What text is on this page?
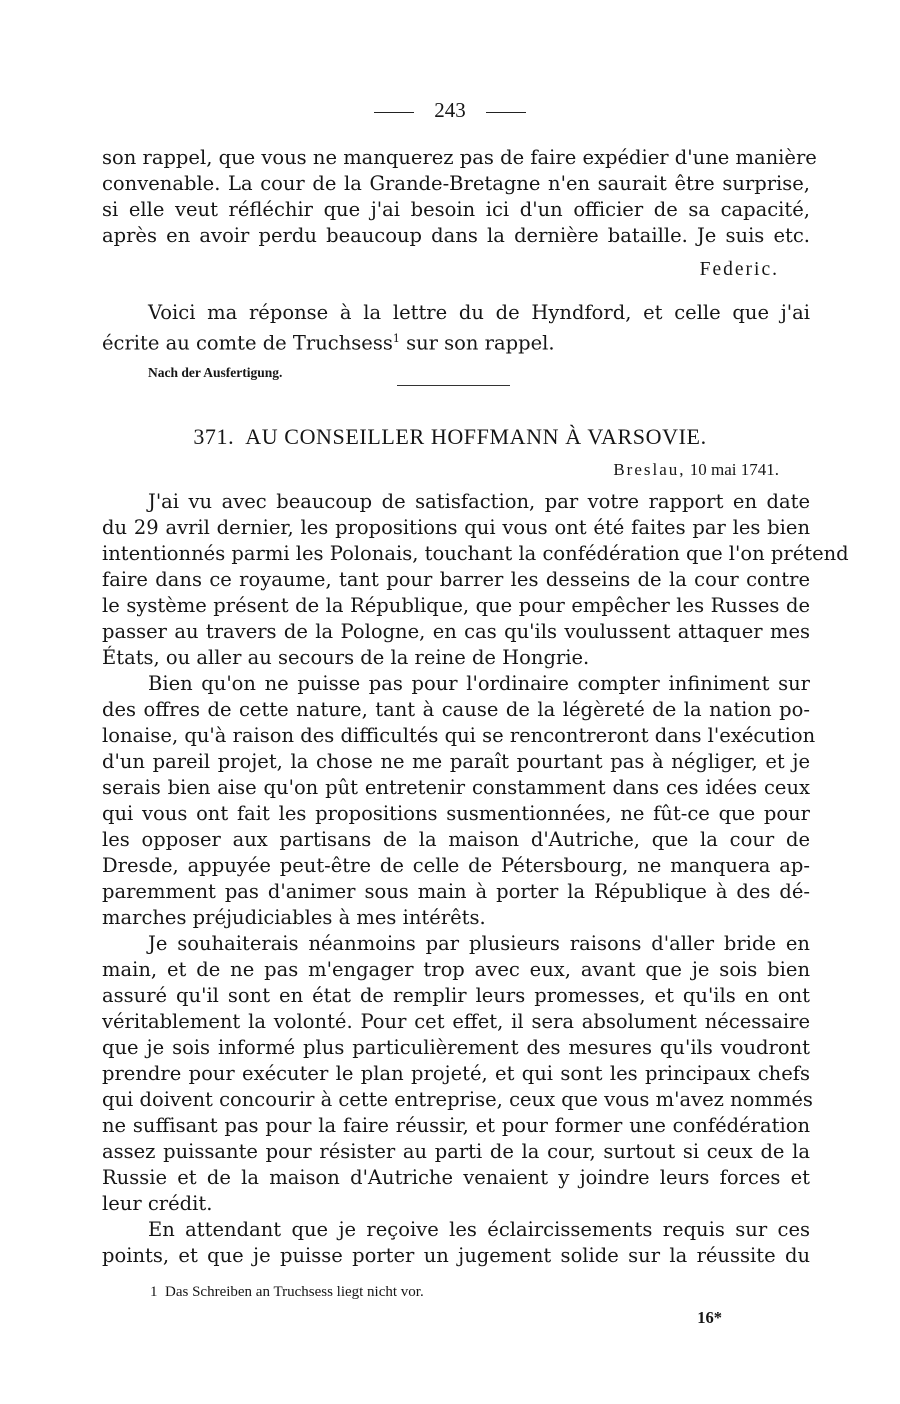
243
son rappel, que vous ne manquerez pas de faire expédier d'une manière
convenable. La cour de la Grande-Bretagne n'en saurait être surprise,
si elle veut réfléchir que j'ai besoin ici d'un officier de sa capacité,
après en avoir perdu beaucoup dans la dernière bataille. Je suis etc.
Federic.
Voici ma réponse à la lettre du de Hyndford, et celle que j'ai
écrite au comte de Truchsess$^1$ sur son rappel.
Nach der Ausfertigung.
371. AU CONSEILLER HOFFMANN À VARSOVIE.
Breslau, 10 mai 1741.
J'ai vu avec beaucoup de satisfaction, par votre rapport en date
du 29 avril dernier, les propositions qui vous ont été faites par les bien
intentionnés parmi les Polonais, touchant la confédération que l'on prétend
faire dans ce royaume, tant pour barrer les desseins de la cour contre
le système présent de la République, que pour empêcher les Russes de
passer au travers de la Pologne, en cas qu'ils voulussent attaquer mes
États, ou aller au secours de la reine de Hongrie.
Bien qu'on ne puisse pas pour l'ordinaire compter infiniment sur
des offres de cette nature, tant à cause de la légèreté de la nation po-
lonaise, qu'à raison des difficultés qui se rencontreront dans l'exécution
d'un pareil projet, la chose ne me paraît pourtant pas à négliger, et je
serais bien aise qu'on pût entretenir constamment dans ces idées ceux
qui vous ont fait les propositions susmentionnées, ne fût-ce que pour
les opposer aux partisans de la maison d'Autriche, que la cour de
Dresde, appuyée peut-être de celle de Pétersbourg, ne manquera ap-
paremment pas d'animer sous main à porter la République à des dé-
marches préjudiciables à mes intérêts.
Je souhaiterais néanmoins par plusieurs raisons d'aller bride en
main, et de ne pas m'engager trop avec eux, avant que je sois bien
assuré qu'il sont en état de remplir leurs promesses, et qu'ils en ont
véritablement la volonté. Pour cet effet, il sera absolument nécessaire
que je sois informé plus particulièrement des mesures qu'ils voudront
prendre pour exécuter le plan projeté, et qui sont les principaux chefs
qui doivent concourir à cette entreprise, ceux que vous m'avez nommés
ne suffisant pas pour la faire réussir, et pour former une confédération
assez puissante pour résister au parti de la cour, surtout si ceux de la
Russie et de la maison d'Autriche venaient y joindre leurs forces et
leur crédit.
En attendant que je reçoive les éclaircissements requis sur ces
points, et que je puisse porter un jugement solide sur la réussite du
1 Das Schreiben an Truchsess liegt nicht vor.
16*
